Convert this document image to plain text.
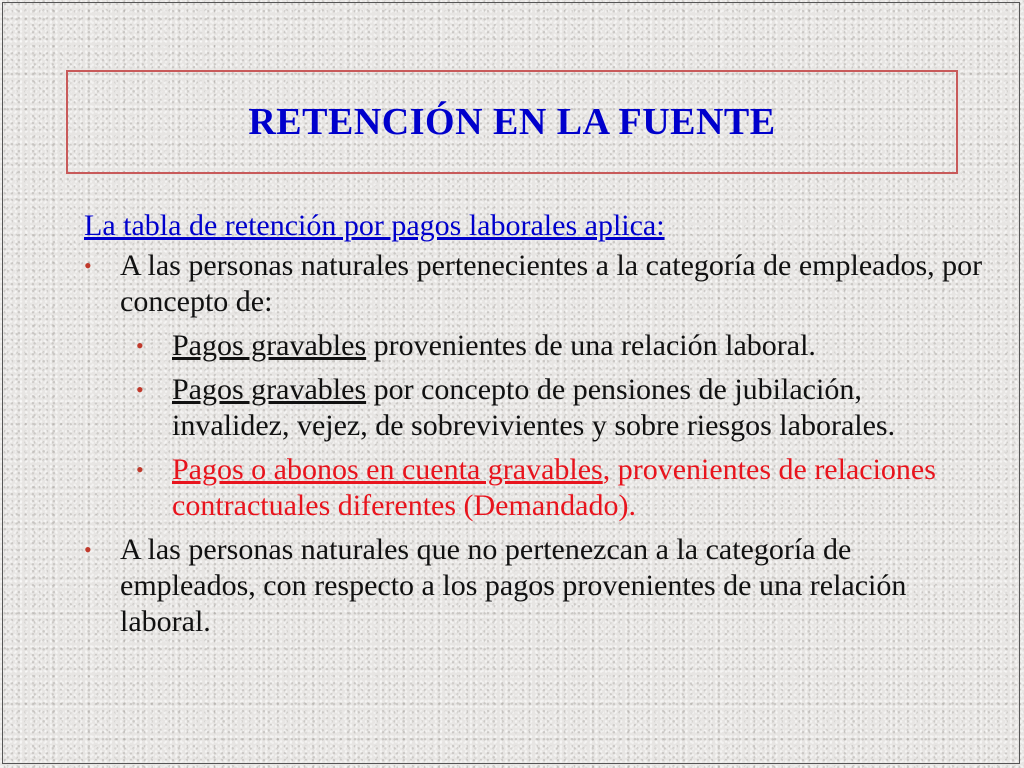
RETENCIÓN EN LA FUENTE
La tabla de retención por pagos laborales aplica:
• A las personas naturales pertenecientes a la categoría de empleados, por concepto de:
• Pagos gravables provenientes de una relación laboral.
• Pagos gravables por concepto de pensiones de jubilación, invalidez, vejez, de sobrevivientes y sobre riesgos laborales.
• Pagos o abonos en cuenta gravables, provenientes de relaciones contractuales diferentes (Demandado).
• A las personas naturales que no pertenezcan a la categoría de empleados, con respecto a los pagos provenientes de una relación laboral.
